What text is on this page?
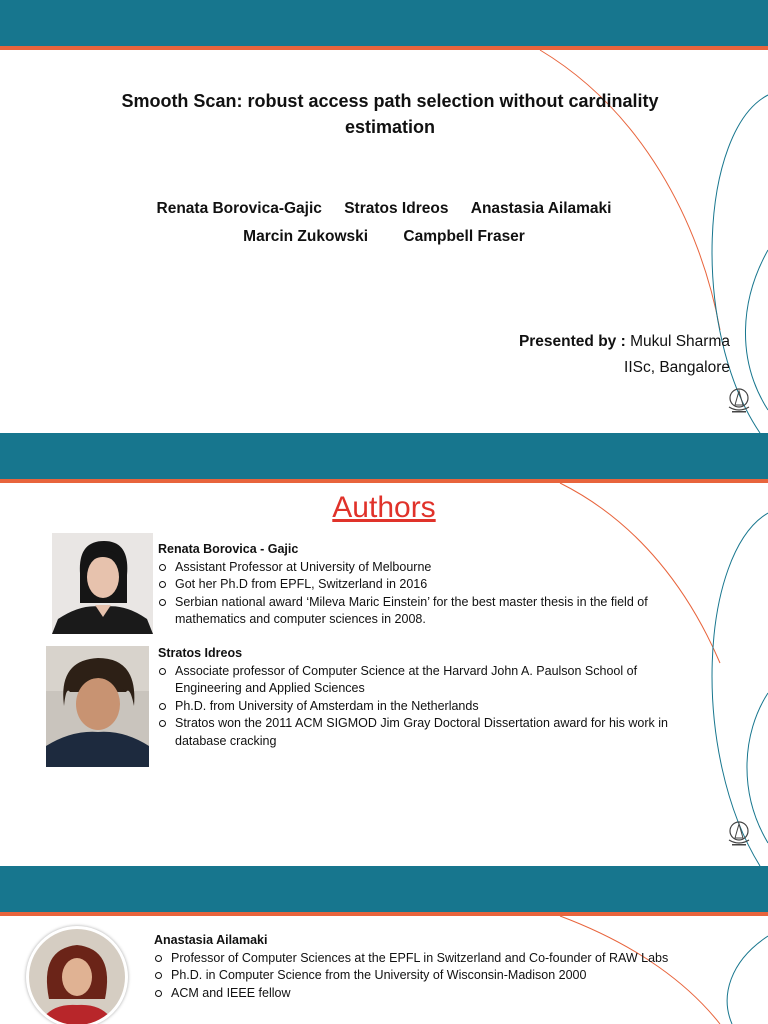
Smooth Scan: robust access path selection without cardinality estimation
Renata Borovica-Gajic Stratos Idreos Anastasia Ailamaki
Marcin Zukowski Campbell Fraser
Presented by : Mukul Sharma
IISc, Bangalore
Authors
Renata Borovica - Gajic
Assistant Professor at University of Melbourne
Got her Ph.D from EPFL, Switzerland in 2016
Serbian national award ‘Mileva Maric Einstein’ for the best master thesis in the field of mathematics and computer sciences in 2008.
Stratos Idreos
Associate professor of Computer Science at the Harvard John A. Paulson School of Engineering and Applied Sciences
Ph.D. from University of Amsterdam in the Netherlands
Stratos won the 2011 ACM SIGMOD Jim Gray Doctoral Dissertation award for his work in database cracking
Anastasia Ailamaki
Professor of Computer Sciences at the EPFL in Switzerland and Co-founder of RAW Labs
Ph.D. in Computer Science from the University of Wisconsin-Madison 2000
ACM and IEEE fellow
